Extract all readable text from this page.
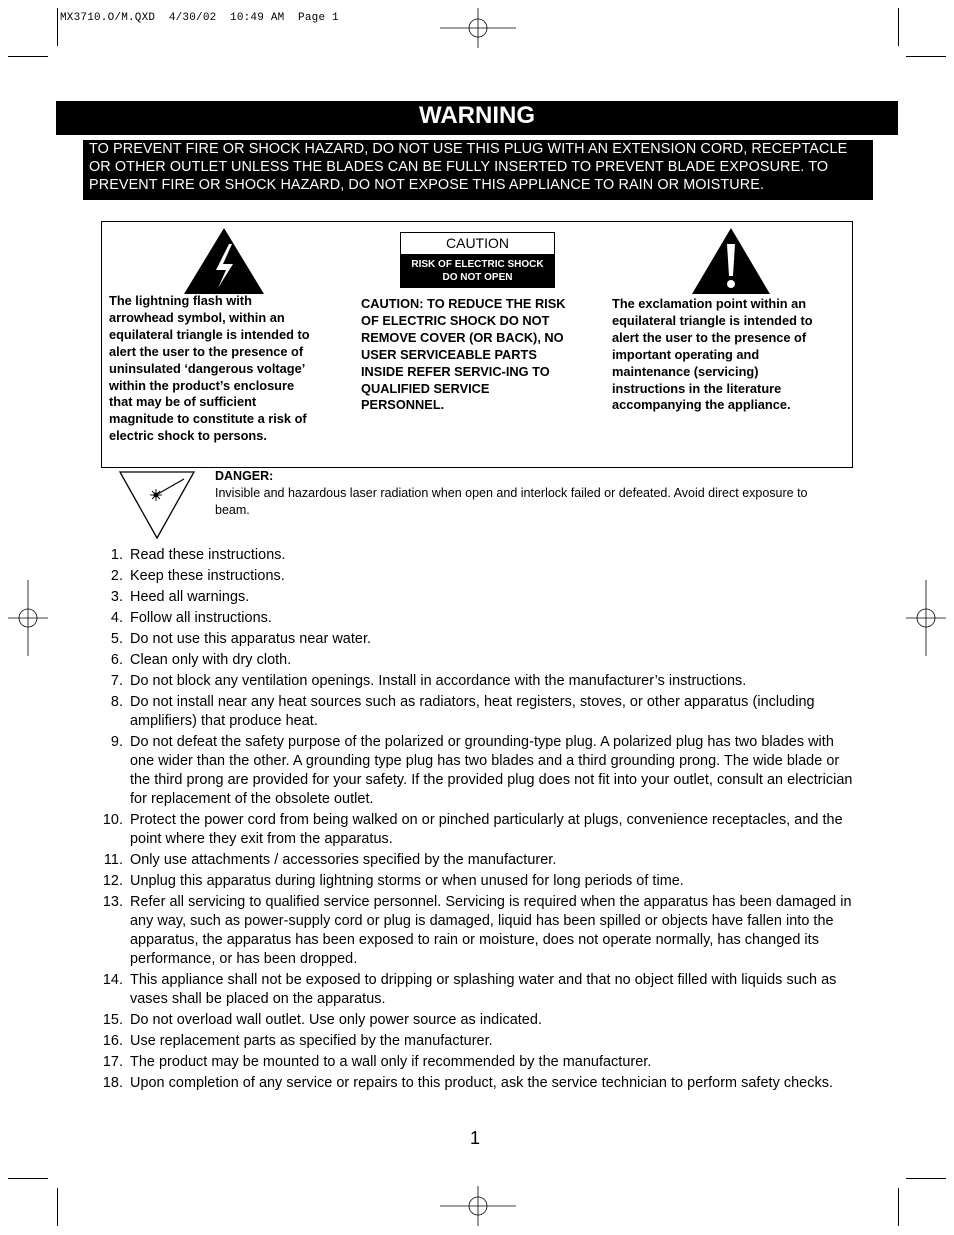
MX3710.O/M.QXD  4/30/02  10:49 AM  Page 1
WARNING
TO PREVENT FIRE OR SHOCK HAZARD, DO NOT USE THIS PLUG WITH AN EXTENSION CORD, RECEPTACLE OR OTHER OUTLET UNLESS THE BLADES CAN BE FULLY INSERTED TO PREVENT BLADE EXPOSURE. TO PREVENT FIRE OR SHOCK HAZARD, DO NOT EXPOSE THIS APPLIANCE TO RAIN OR MOISTURE.
The lightning flash with arrowhead symbol, within an equilateral triangle is intended to alert the user to the presence of uninsulated ‘dangerous voltage’ within the product’s enclosure that may be of sufficient magnitude to constitute a risk of electric shock to persons.
CAUTION
RISK OF ELECTRIC SHOCK
DO NOT OPEN
CAUTION: TO REDUCE THE RISK OF ELECTRIC SHOCK DO NOT REMOVE COVER (OR BACK), NO USER SERVICEABLE PARTS INSIDE REFER SERVIC-ING TO QUALIFIED SERVICE PERSONNEL.
The exclamation point within an equilateral triangle is intended to alert the user to the presence of important operating and maintenance (servicing) instructions in the literature accompanying the appliance.
DANGER:
Invisible and hazardous laser radiation when open and interlock failed or defeated. Avoid direct exposure to beam.
1. Read these instructions.
2. Keep these instructions.
3. Heed all warnings.
4. Follow all instructions.
5. Do not use this apparatus near water.
6. Clean only with dry cloth.
7. Do not block any ventilation openings. Install in accordance with the manufacturer’s instructions.
8. Do not install near any heat sources such as radiators, heat registers, stoves, or other apparatus (including amplifiers) that produce heat.
9. Do not defeat the safety purpose of the polarized or grounding-type plug. A polarized plug has two blades with one wider than the other. A grounding type plug has two blades and a third grounding prong. The wide blade or the third prong are provided for your safety. If the provided plug does not fit into your outlet, consult an electrician for replacement of the obsolete outlet.
10. Protect the power cord from being walked on or pinched particularly at plugs, convenience receptacles, and the point where they exit from the apparatus.
11. Only use attachments / accessories specified by the manufacturer.
12. Unplug this apparatus during lightning storms or when unused for long periods of time.
13. Refer all servicing to qualified service personnel. Servicing is required when the apparatus has been damaged in any way, such as power-supply cord or plug is damaged, liquid has been spilled or objects have fallen into the apparatus, the apparatus has been exposed to rain or moisture, does not operate normally, has changed its performance, or has been dropped.
14. This appliance shall not be exposed to dripping or splashing water and that no object filled with liquids such as vases shall be placed on the apparatus.
15. Do not overload wall outlet. Use only power source as indicated.
16. Use replacement parts as specified by the manufacturer.
17. The product may be mounted to a wall only if recommended by the manufacturer.
18. Upon completion of any service or repairs to this product, ask the service technician to perform safety checks.
1
